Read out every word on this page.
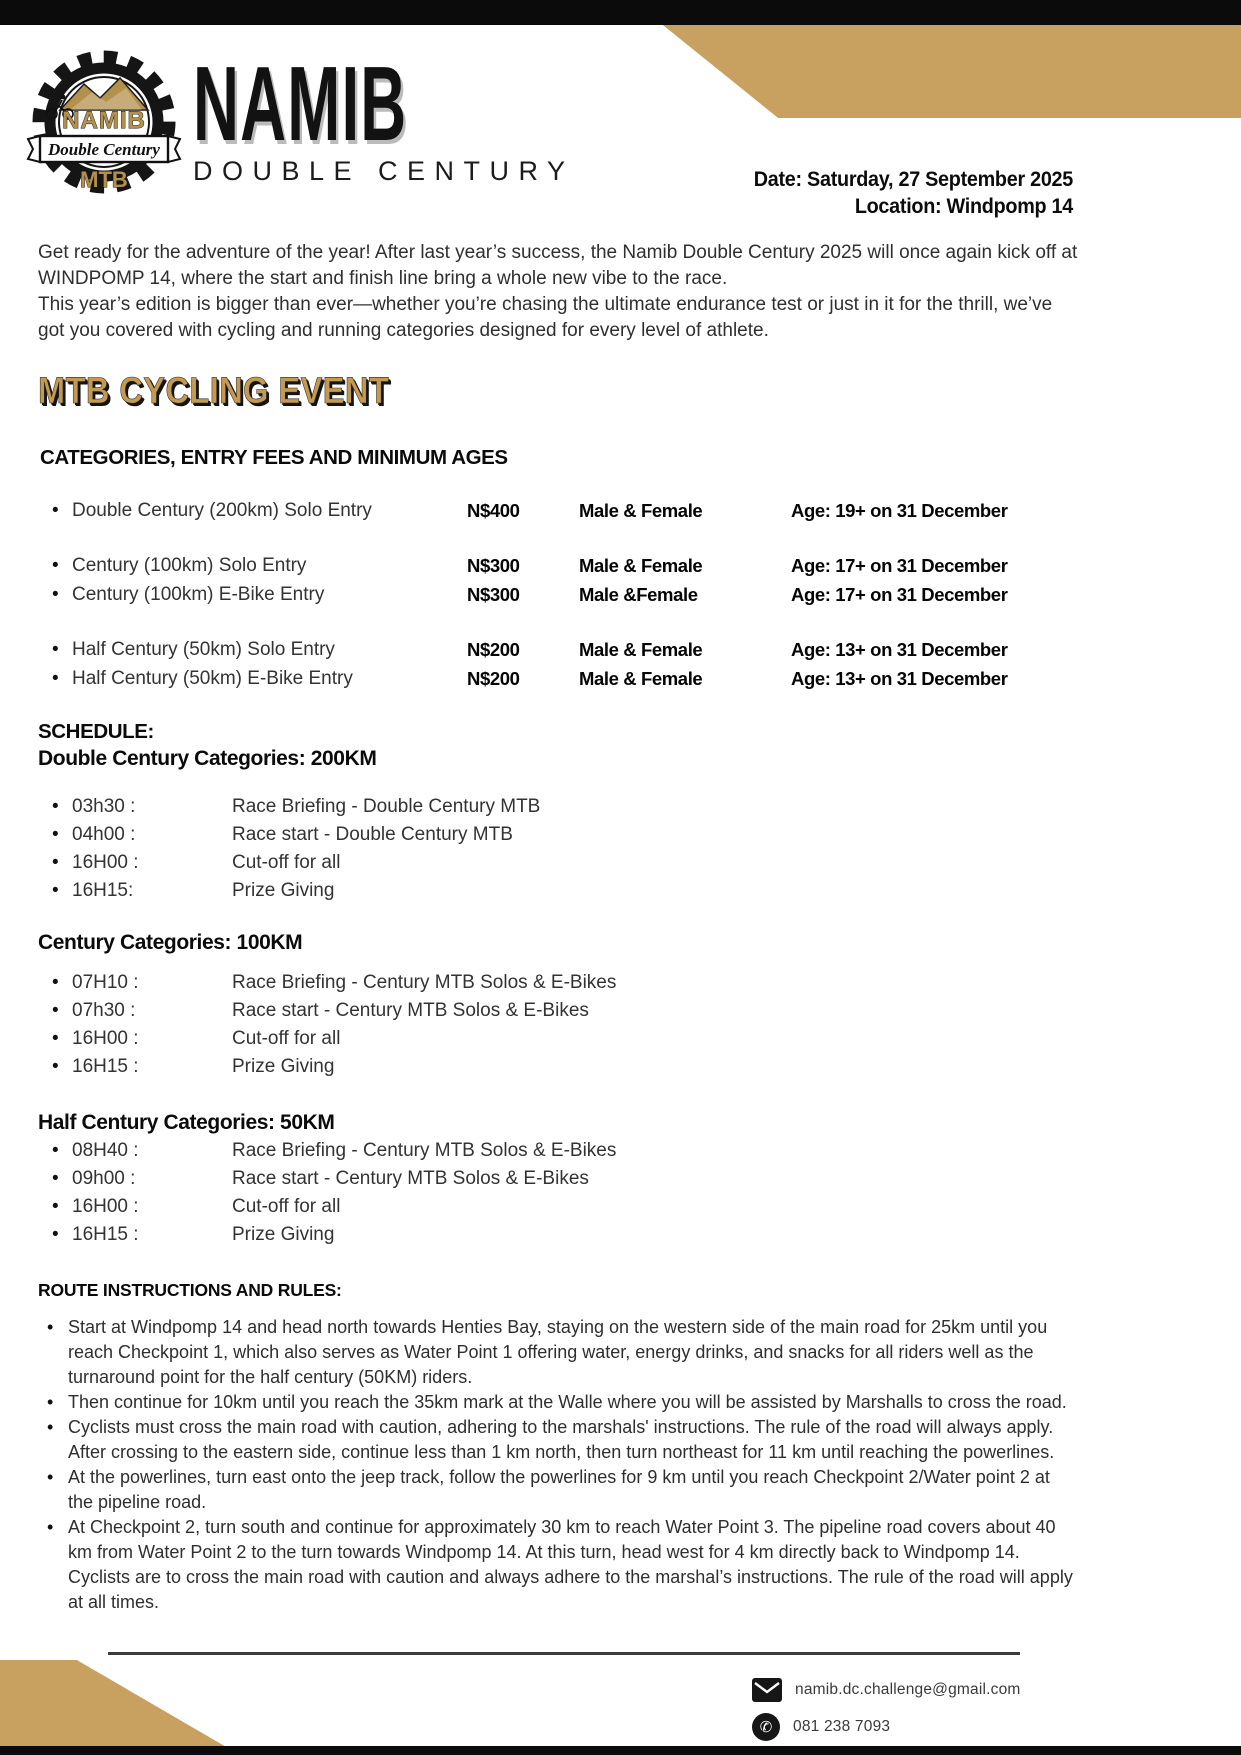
NAMIB
Double Century
MTB
NAMIB
DOUBLE CENTURY	Date: Saturday, 27 September 2025
Location: Windpomp 14

Get ready for the adventure of the year! After last year’s success, the Namib Double Century 2025 will once again kick off at WINDPOMP 14, where the start and finish line bring a whole new vibe to the race.

This year’s edition is bigger than ever—whether you’re chasing the ultimate endurance test or just in it for the thrill, we’ve got you covered with cycling and running categories designed for every level of athlete.

MTB CYCLING EVENT
CATEGORIES, ENTRY FEES AND MINIMUM AGES
• Double Century (200km) Solo Entry	N$400	Male & Female	Age: 19+ on 31 December
• Century (100km) Solo Entry	N$300	Male & Female	Age: 17+ on 31 December
• Century (100km) E-Bike Entry	N$300	Male &Female	Age: 17+ on 31 December
• Half Century (50km) Solo Entry	N$200	Male & Female	Age: 13+ on 31 December
• Half Century (50km) E-Bike Entry	N$200	Male & Female	Age: 13+ on 31 December
SCHEDULE:
Double Century Categories: 200KM
• 03h30 :	Race Briefing - Double Century MTB
• 04h00 :	Race start - Double Century MTB
• 16H00 :	Cut-off for all
• 16H15:	Prize Giving
Century Categories: 100KM
• 07H10 :	Race Briefing - Century MTB Solos & E-Bikes
• 07h30 :	Race start - Century MTB Solos & E-Bikes
• 16H00 :	Cut-off for all
• 16H15 :	Prize Giving
Half Century Categories: 50KM
• 08H40 :	Race Briefing - Century MTB Solos & E-Bikes
• 09h00 :	Race start - Century MTB Solos & E-Bikes
• 16H00 :	Cut-off for all
• 16H15 :	Prize Giving
ROUTE INSTRUCTIONS AND RULES:
• Start at Windpomp 14 and head north towards Henties Bay, staying on the western side of the main road for 25km until you reach Checkpoint 1, which also serves as Water Point 1 offering water, energy drinks, and snacks for all riders well as the turnaround point for the half century (50KM) riders.
• Then continue for 10km until you reach the 35km mark at the Walle where you will be assisted by Marshalls to cross the road.
• Cyclists must cross the main road with caution, adhering to the marshals' instructions. The rule of the road will always apply. After crossing to the eastern side, continue less than 1 km north, then turn northeast for 11 km until reaching the powerlines.
• At the powerlines, turn east onto the jeep track, follow the powerlines for 9 km until you reach Checkpoint 2/Water point 2 at the pipeline road.
• At Checkpoint 2, turn south and continue for approximately 30 km to reach Water Point 3. The pipeline road covers about 40 km from Water Point 2 to the turn towards Windpomp 14. At this turn, head west for 4 km directly back to Windpomp 14. Cyclists are to cross the main road with caution and always adhere to the marshal’s instructions. The rule of the road will apply at all times.
namib.dc.challenge@gmail.com
✆	081 238 7093
